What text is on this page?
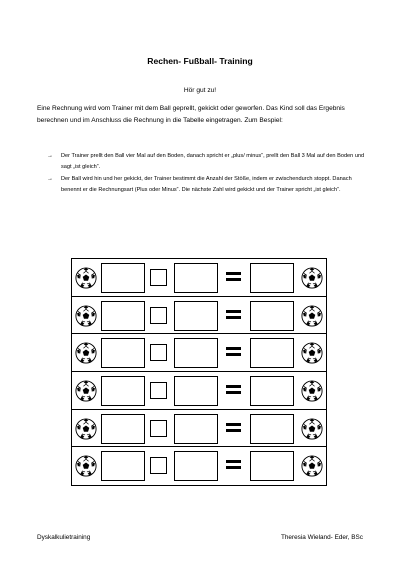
Rechen- Fußball- Training
Hör gut zu!

Eine Rechnung wird vom Trainer mit dem Ball geprellt, gekickt oder geworfen. Das Kind soll das Ergebnis berechnen und im Anschluss die Rechnung in die Tabelle eingetragen. Zum Bespiel:

→ Der Trainer prellt den Ball vier Mal auf den Boden, danach spricht er „plus/ minus“, prellt den Ball 3 Mal auf den Boden und sagt „ist gleich“.
→ Der Ball wird hin und her gekickt, der Trainer bestimmt die Anzahl der Stöße, indem er zwischendurch stoppt. Danach benennt er die Rechnungsart (Plus oder Minus“. Die nächste Zahl wird gekickt und der Trainer spricht „ist gleich“.
Dyskalkulietraining	Theresia Wieland- Eder, BSc
